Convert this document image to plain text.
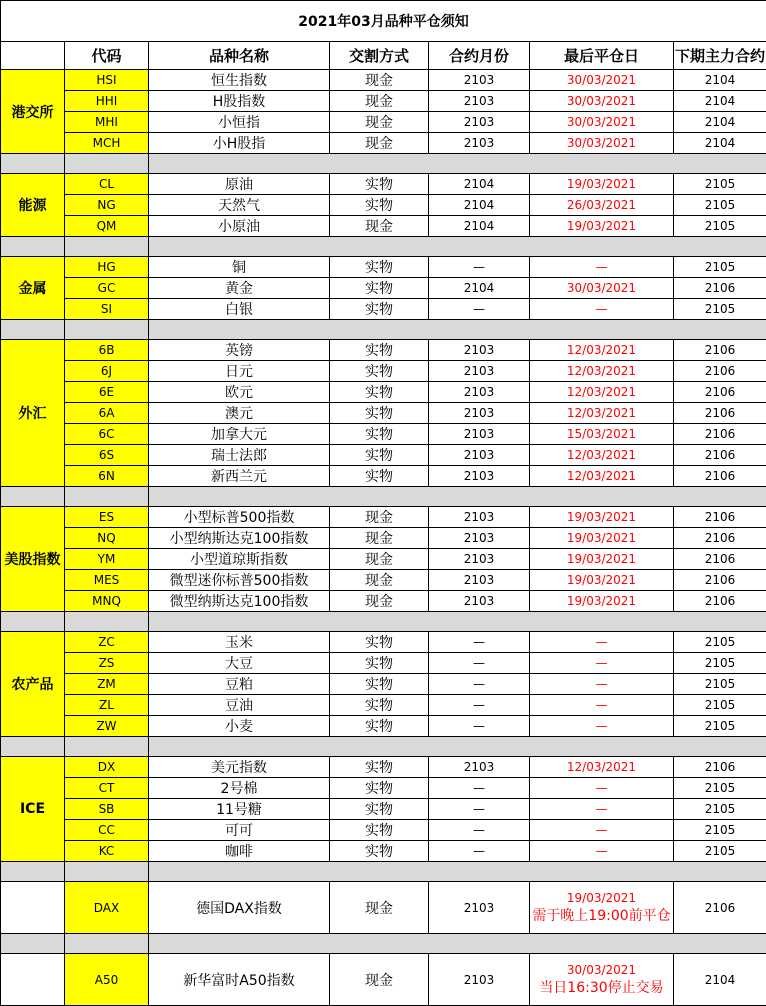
2021年03月品种平仓须知						
	代码	品种名称	交割方式	合约月份	最后平仓日	下期主力合约
港交所	HSI	恒生指数	现金	2103	30/03/2021	2104
	HHI	H股指数	现金	2103	30/03/2021	2104
	MHI	小恒指	现金	2103	30/03/2021	2104
	MCH	小H股指	现金	2103	30/03/2021	2104

能源	CL	原油	实物	2104	19/03/2021	2105
	NG	天然气	实物	2104	26/03/2021	2105
	QM	小原油	现金	2104	19/03/2021	2105

金属	HG	铜	实物	—	—	2105
	GC	黄金	实物	2104	30/03/2021	2106
	SI	白银	实物	—	—	2105

外汇	6B	英镑	实物	2103	12/03/2021	2106
	6J	日元	实物	2103	12/03/2021	2106
	6E	欧元	实物	2103	12/03/2021	2106
	6A	澳元	实物	2103	12/03/2021	2106
	6C	加拿大元	实物	2103	15/03/2021	2106
	6S	瑞士法郎	实物	2103	12/03/2021	2106
	6N	新西兰元	实物	2103	12/03/2021	2106

美股指数	ES	小型标普500指数	现金	2103	19/03/2021	2106
	NQ	小型纳斯达克100指数	现金	2103	19/03/2021	2106
	YM	小型道琼斯指数	现金	2103	19/03/2021	2106
	MES	微型迷你标普500指数	现金	2103	19/03/2021	2106
	MNQ	微型纳斯达克100指数	现金	2103	19/03/2021	2106

农产品	ZC	玉米	实物	—	—	2105
	ZS	大豆	实物	—	—	2105
	ZM	豆粕	实物	—	—	2105
	ZL	豆油	实物	—	—	2105
	ZW	小麦	实物	—	—	2105

ICE	DX	美元指数	实物	2103	12/03/2021	2106
	CT	2号棉	实物	—	—	2105
	SB	11号糖	实物	—	—	2105
	CC	可可	实物	—	—	2105
	KC	咖啡	实物	—	—	2105

	DAX	德国DAX指数	现金	2103	19/03/2021
需于晚上19:00前平仓	2106

	A50	新华富时A50指数	现金	2103	30/03/2021
当日16:30停止交易	2104
